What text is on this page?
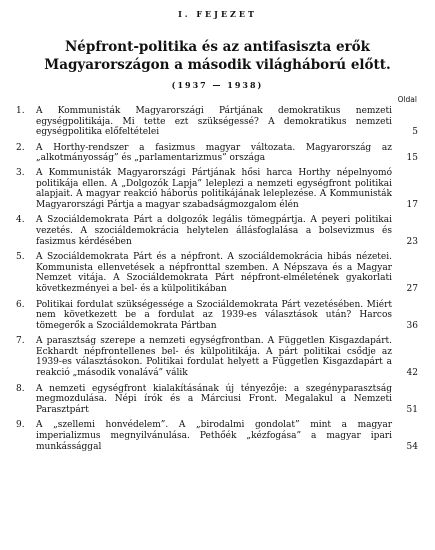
I. FEJEZET
Népfront-politika és az antifasiszta erők
Magyarországon a második világháború előtt.
(1937 — 1938)
Oldal
1. A Kommunisták Magyarországi Pártjának demokratikus nemzeti egységpolitikája. Mi tette ezt szükségessé? A demokratikus nemzeti egységpolitika előfeltételei	5
2. A Horthy-rendszer a fasizmus magyar változata. Magyarország az „alkotmányosság” és „parlamentarizmus” országa	15
3. A Kommunisták Magyarországi Pártjának hősi harca Horthy népelnyomó politikája ellen. A „Dolgozók Lapja” leleplezi a nemzeti egységfront politikai alapjait. A magyar reakció háborús politikájának leleplezése. A Kommunisták Magyarországi Pártja a magyar szabadságmozgalom élén	17
4. A Szociáldemokrata Párt a dolgozók legális tömegpártja. A peyeri politikai vezetés. A szociáldemokrácia helytelen állásfoglalása a bolsevizmus és fasizmus kérdésében	23
5. A Szociáldemokrata Párt és a népfront. A szociáldemokrácia hibás nézetei. Kommunista ellenvetések a népfronttal szemben. A Népszava és a Magyar Nemzet vitája. A Szociáldemokrata Párt népfront-elméletének gyakorlati következményei a bel- és a külpolitikában	27
6. Politikai fordulat szükségessége a Szociáldemokrata Párt vezetésében. Miért nem következett be a fordulat az 1939-es választások után? Harcos tömegerők a Szociáldemokrata Pártban	36
7. A parasztság szerepe a nemzeti egységfrontban. A Független Kisgazdapárt. Eckhardt népfrontellenes bel- és külpolitikája. A párt politikai csődje az 1939-es választásokon. Politikai fordulat helyett a Független Kisgazdapárt a reakció „második vonalává” válik	42
8. A nemzeti egységfront kialakításának új tényezője: a szegényparasztság megmozdulása. Népi írók és a Márciusi Front. Megalakul a Nemzeti Parasztpárt	51
9. A „szellemi honvédelem”. A „birodalmi gondolat” mint a magyar imperializmus megnyilvánulása. Pethőék „kézfogása” a magyar ipari munkássággal	54
